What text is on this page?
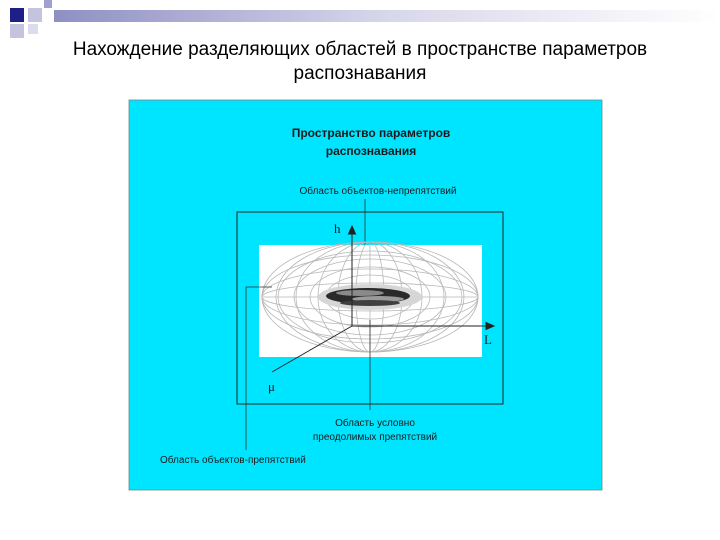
Нахождение разделяющих областей в пространстве параметров
распознавания
Пространство параметров
распознавания
Область объектов-непрепятствий
h
L
μ
Область условно
преодолимых препятствий
Область объектов-препятствий
